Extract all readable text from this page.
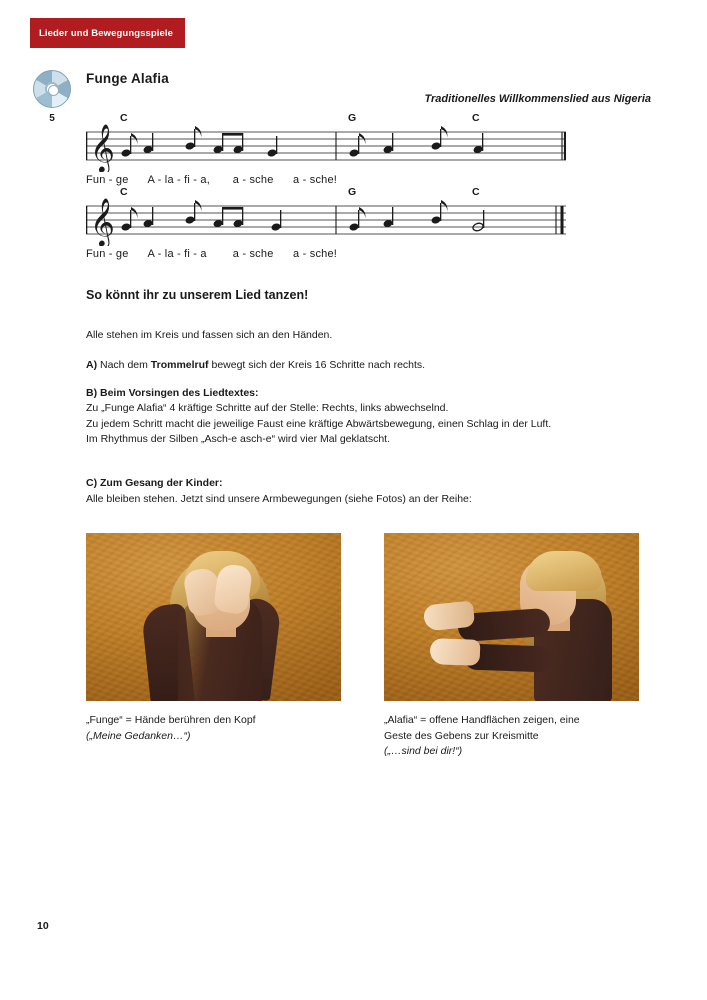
Lieder und Bewegungsspiele
5
Funge Alafia
Traditionelles Willkommenslied aus Nigeria
𝄞
C	G	C
Fun - ge      A - la - fi - a,       a - sche      a - sche!
𝄞
C	G	C
Fun - ge      A - la - fi - a        a - sche      a - sche!
So könnt ihr zu unserem Lied tanzen!
Alle stehen im Kreis und fassen sich an den Händen.
A) Nach dem Trommelruf bewegt sich der Kreis 16 Schritte nach rechts.
B) Beim Vorsingen des Liedtextes:
Zu „Funge Alafia“ 4 kräftige Schritte auf der Stelle: Rechts, links abwechselnd.
Zu jedem Schritt macht die jeweilige Faust eine kräftige Abwärtsbewegung, einen Schlag in der Luft.
Im Rhythmus der Silben „Asch-e asch-e“ wird vier Mal geklatscht.
C) Zum Gesang der Kinder:
Alle bleiben stehen. Jetzt sind unsere Armbewegungen (siehe Fotos) an der Reihe:
„Funge“ = Hände berühren den Kopf
(„Meine Gedanken…“)
„Alafia“ = offene Handflächen zeigen, eine
Geste des Gebens zur Kreismitte
(„…sind bei dir!“)
10
